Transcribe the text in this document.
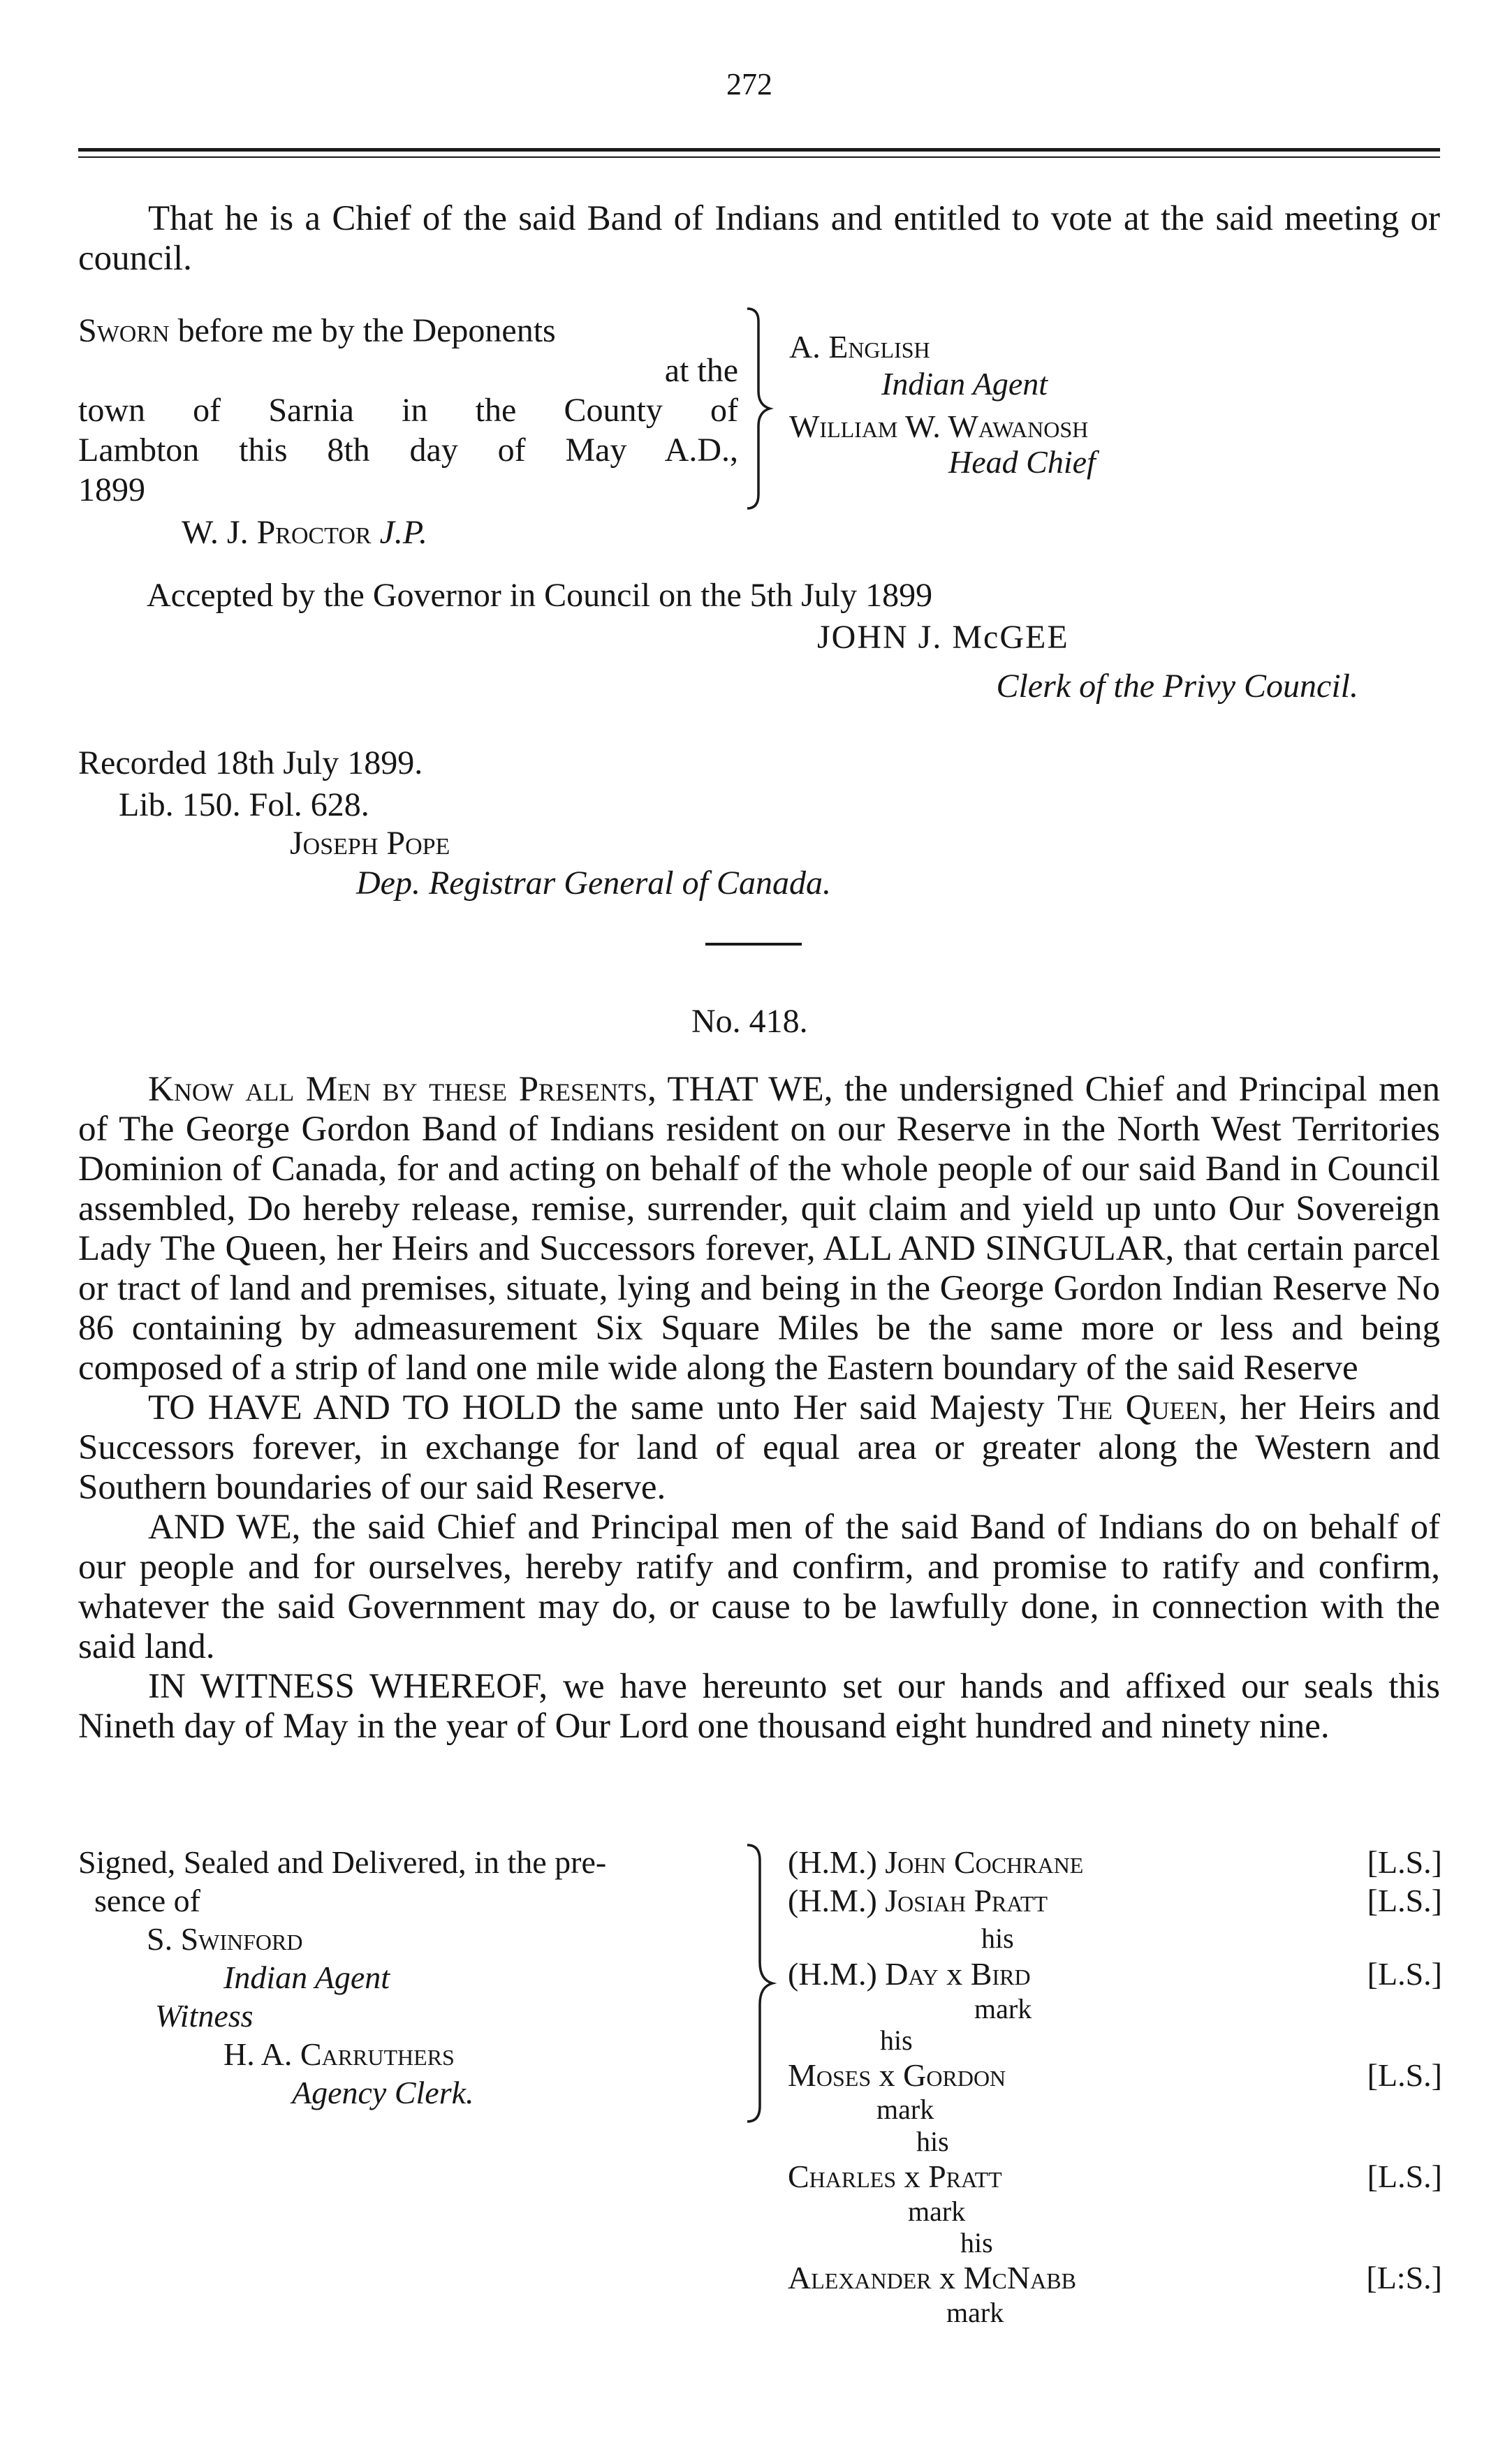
272

That he is a Chief of the said Band of Indians and entitled to vote at the said meeting or council.

Sworn before me by the Deponents
at the
town of Sarnia in the County of
Lambton this 8th day of May A.D.,
1899
W. J. Proctor J.P.
A. English
Indian Agent
William W. Wawanosh
Head Chief
Accepted by the Governor in Council on the 5th July 1899
JOHN J. McGEE
Clerk of the Privy Council.
Recorded 18th July 1899.
Lib. 150. Fol. 628.
Joseph Pope
Dep. Registrar General of Canada.
No. 418.

Know all Men by these Presents, THAT WE, the undersigned Chief and Principal men of The George Gordon Band of Indians resident on our Reserve in the North West Territories Dominion of Canada, for and acting on behalf of the whole people of our said Band in Council assembled, Do hereby release, remise, surrender, quit claim and yield up unto Our Sovereign Lady The Queen, her Heirs and Successors forever, ALL AND SINGULAR, that certain parcel or tract of land and premises, situate, lying and being in the George Gordon Indian Reserve No 86 containing by admeasurement Six Square Miles be the same more or less and being composed of a strip of land one mile wide along the Eastern boundary of the said Reserve

TO HAVE AND TO HOLD the same unto Her said Majesty The Queen, her Heirs and Successors forever, in exchange for land of equal area or greater along the Western and Southern boundaries of our said Reserve.

AND WE, the said Chief and Principal men of the said Band of Indians do on behalf of our people and for ourselves, hereby ratify and confirm, and promise to ratify and confirm, whatever the said Government may do, or cause to be lawfully done, in connection with the said land.

IN WITNESS WHEREOF, we have hereunto set our hands and affixed our seals this Nineth day of May in the year of Our Lord one thousand eight hundred and ninety nine.

Signed, Sealed and Delivered, in the pre-
sence of
S. Swinford
Indian Agent
Witness
H. A. Carruthers
Agency Clerk.
(H.M.) John Cochrane	[L.S.]
(H.M.) Josiah Pratt	[L.S.]
his
(H.M.) Day x Bird	[L.S.]
mark
his
Moses x Gordon	[L.S.]
mark
his
Charles x Pratt	[L.S.]
mark
his
Alexander x McNabb	[L:S.]
mark
